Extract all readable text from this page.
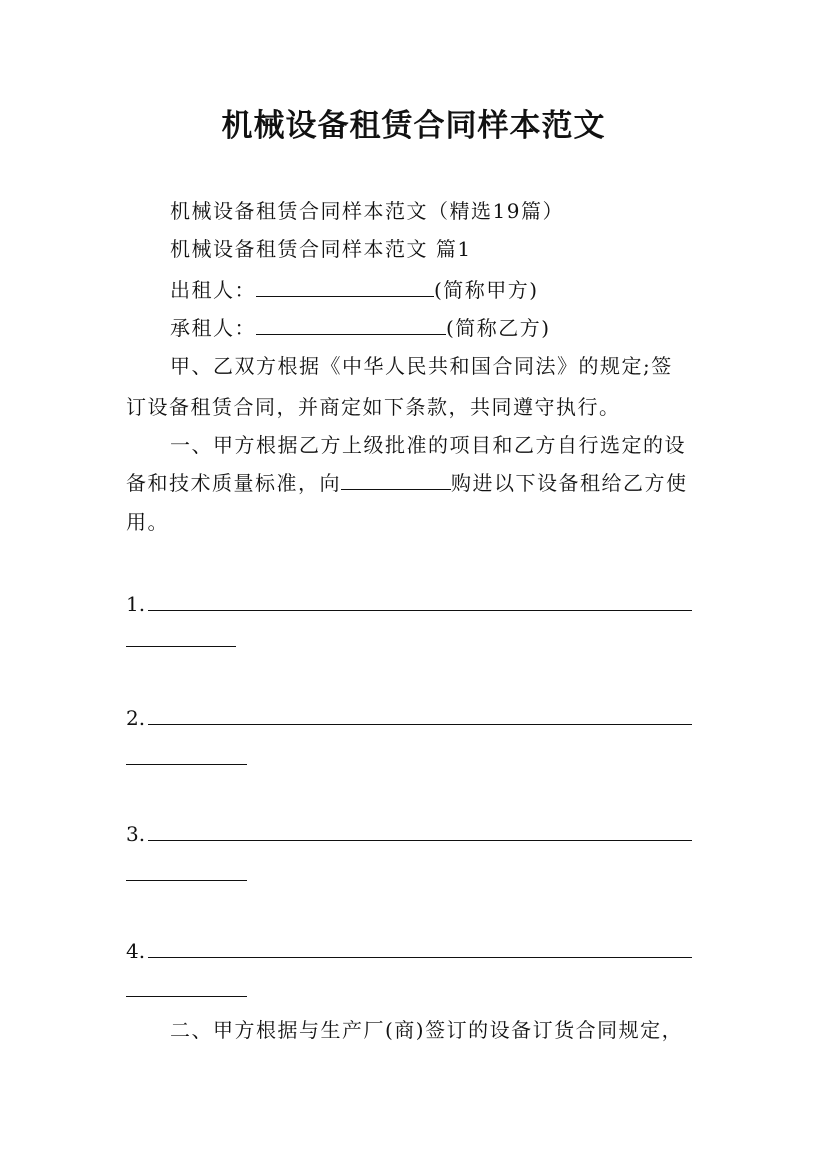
机械设备租赁合同样本范文
机械设备租赁合同样本范文（精选19篇）
机械设备租赁合同样本范文 篇1
出租人：	(简称甲方)
承租人：	(简称乙方)
甲、乙双方根据《中华人民共和国合同法》的规定;签
订设备租赁合同，并商定如下条款，共同遵守执行。
一、甲方根据乙方上级批准的项目和乙方自行选定的设
备和技术质量标准，向	购进以下设备租给乙方使
用。
1.
2.
3.
4.
二、甲方根据与生产厂(商)签订的设备订货合同规定，
